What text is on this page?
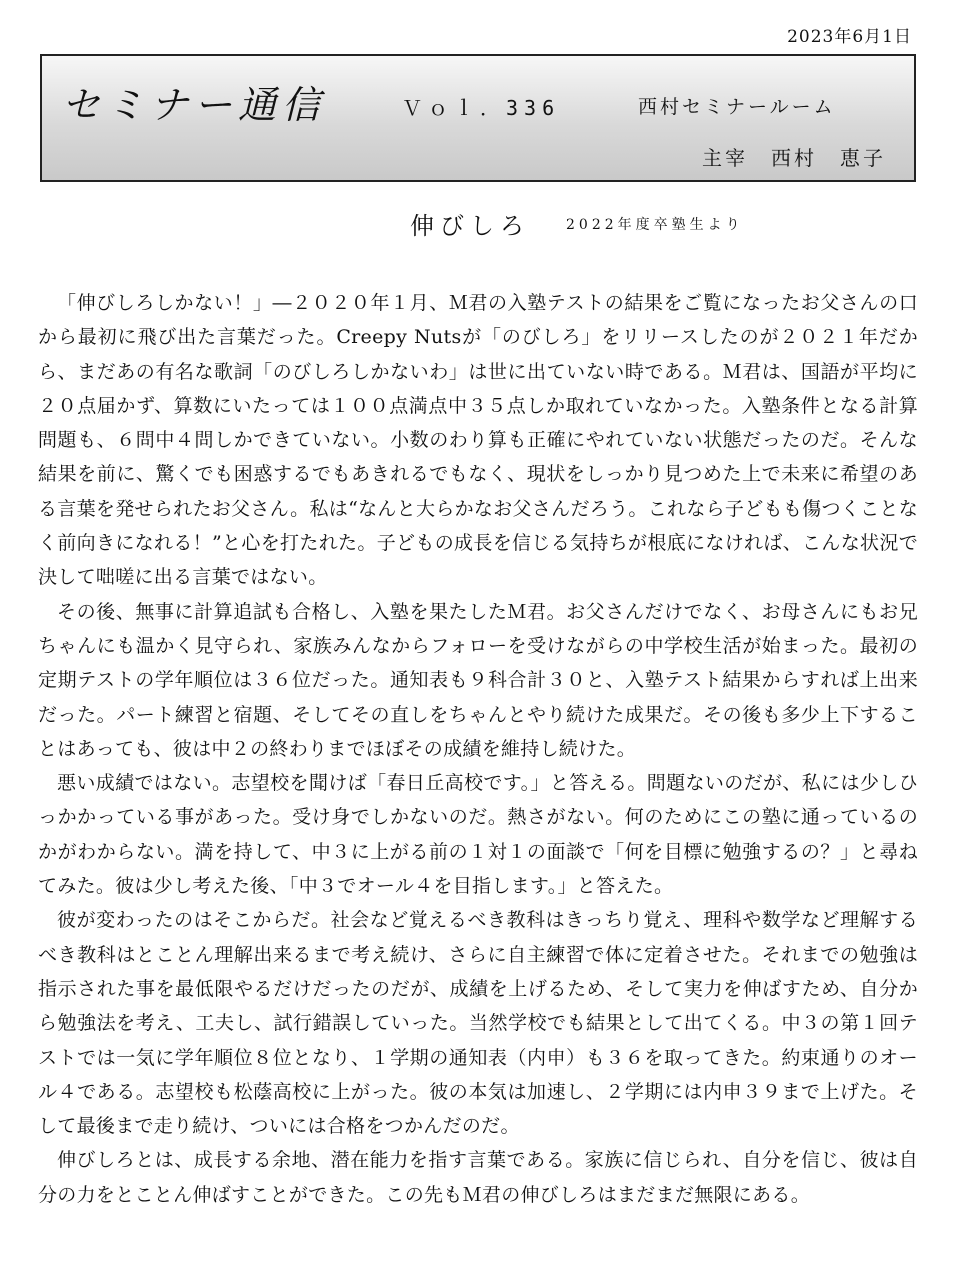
2023年6月1日
セミナー通信	Ｖｏｌ．336	西村セミナールーム
主宰　西村　恵子
伸びしろ	2022年度卒塾生より

「伸びしろしかない！」―２０２０年１月、Ｍ君の入塾テストの結果をご覧になったお父さんの口から最初に飛び出た言葉だった。Creepy Nutsが「のびしろ」をリリースしたのが２０２１年だから、まだあの有名な歌詞「のびしろしかないわ」は世に出ていない時である。Ｍ君は、国語が平均に２０点届かず、算数にいたっては１００点満点中３５点しか取れていなかった。入塾条件となる計算問題も、６問中４問しかできていない。小数のわり算も正確にやれていない状態だったのだ。そんな結果を前に、驚くでも困惑するでもあきれるでもなく、現状をしっかり見つめた上で未来に希望のある言葉を発せられたお父さん。私は“なんと大らかなお父さんだろう。これなら子どもも傷つくことなく前向きになれる！”と心を打たれた。子どもの成長を信じる気持ちが根底になければ、こんな状況で決して咄嗟に出る言葉ではない。

その後、無事に計算追試も合格し、入塾を果たしたＭ君。お父さんだけでなく、お母さんにもお兄ちゃんにも温かく見守られ、家族みんなからフォローを受けながらの中学校生活が始まった。最初の定期テストの学年順位は３６位だった。通知表も９科合計３０と、入塾テスト結果からすれば上出来だった。パート練習と宿題、そしてその直しをちゃんとやり続けた成果だ。その後も多少上下することはあっても、彼は中２の終わりまでほぼその成績を維持し続けた。

悪い成績ではない。志望校を聞けば「春日丘高校です。」と答える。問題ないのだが、私には少しひっかかっている事があった。受け身でしかないのだ。熱さがない。何のためにこの塾に通っているのかがわからない。満を持して、中３に上がる前の１対１の面談で「何を目標に勉強するの？」と尋ねてみた。彼は少し考えた後、「中３でオール４を目指します。」と答えた。

彼が変わったのはそこからだ。社会など覚えるべき教科はきっちり覚え、理科や数学など理解するべき教科はとことん理解出来るまで考え続け、さらに自主練習で体に定着させた。それまでの勉強は指示された事を最低限やるだけだったのだが、成績を上げるため、そして実力を伸ばすため、自分から勉強法を考え、工夫し、試行錯誤していった。当然学校でも結果として出てくる。中３の第１回テストでは一気に学年順位８位となり、１学期の通知表（内申）も３６を取ってきた。約束通りのオール４である。志望校も松蔭高校に上がった。彼の本気は加速し、２学期には内申３９まで上げた。そして最後まで走り続け、ついには合格をつかんだのだ。

伸びしろとは、成長する余地、潜在能力を指す言葉である。家族に信じられ、自分を信じ、彼は自分の力をとことん伸ばすことができた。この先もＭ君の伸びしろはまだまだ無限にある。
